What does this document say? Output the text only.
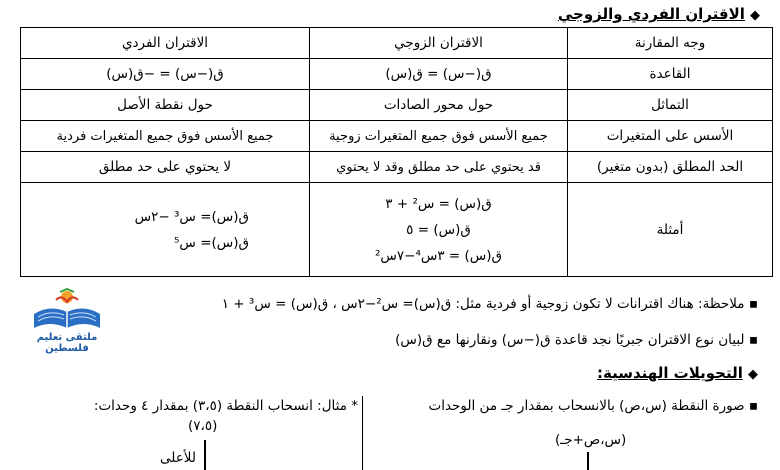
◆ الاقتران الفردي والزوجي
وجه المقارنة	الاقتران الزوجي	الاقتران الفردي
القاعدة	ق(−س) = ق(س)	ق(−س) = −ق(س)
التماثل	حول محور الصادات	حول نقطة الأصل
الأسس على المتغيرات	جميع الأسس فوق جميع المتغيرات زوجية	جميع الأسس فوق جميع المتغيرات فردية
الحد المطلق (بدون متغير)	قد يحتوي على حد مطلق وقد لا يحتوي	لا يحتوي على حد مطلق
أمثلة	ق(س) = س² + ٣
ق(س) = ٥
ق(س) = ٣س⁴−٧س²	ق(س)= س³ −٢س
ق(س)= س⁵
ملتقى تعليم فلسطين
▪ ملاحظة: هناك اقترانات لا تكون زوجية أو فردية مثل: ق(س)= س²−٢س ، ق(س) = س³ + ١
▪ لبيان نوع الاقتران جبريًا نجد قاعدة ق(−س) ونقارنها مع ق(س)
◆ التحويلات الهندسية:
▪ صورة النقطة (س،ص) بالانسحاب بمقدار جـ من الوحدات
(س،ص+جـ)
* مثال: انسحاب النقطة (٣،٥) بمقدار ٤ وحدات:
(٧،٥)
للأعلى
